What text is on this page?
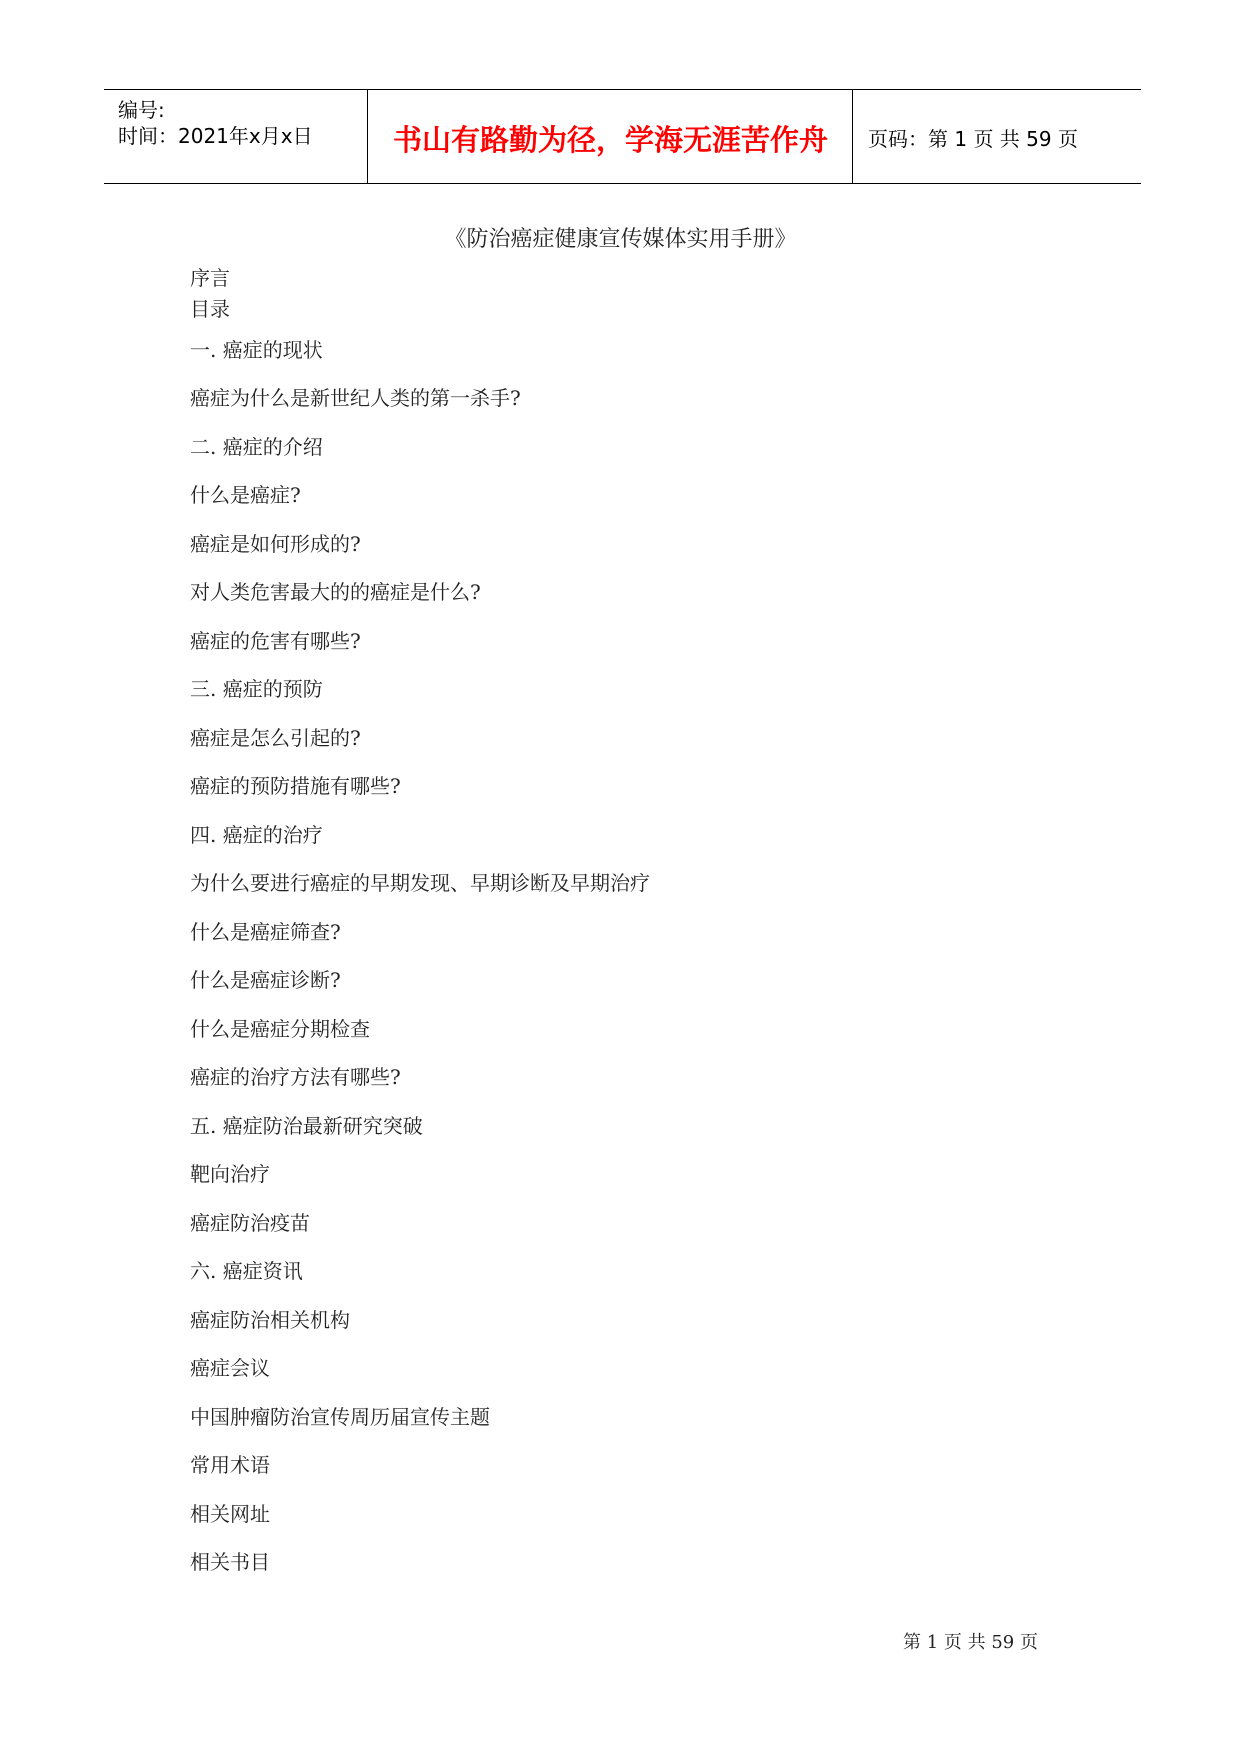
编号:
时间：2021年x月x日	书山有路勤为径，学海无涯苦作舟	页码：第 1 页 共 59 页
《防治癌症健康宣传媒体实用手册》
序言
目录
一. 癌症的现状
癌症为什么是新世纪人类的第一杀手?
二. 癌症的介绍
什么是癌症?
癌症是如何形成的?
对人类危害最大的的癌症是什么?
癌症的危害有哪些?
三. 癌症的预防
癌症是怎么引起的?
癌症的预防措施有哪些?
四. 癌症的治疗
为什么要进行癌症的早期发现、早期诊断及早期治疗
什么是癌症筛查?
什么是癌症诊断?
什么是癌症分期检查
癌症的治疗方法有哪些?
五. 癌症防治最新研究突破
靶向治疗
癌症防治疫苗
六. 癌症资讯
癌症防治相关机构
癌症会议
中国肿瘤防治宣传周历届宣传主题
常用术语
相关网址
相关书目
第 1 页 共 59 页
